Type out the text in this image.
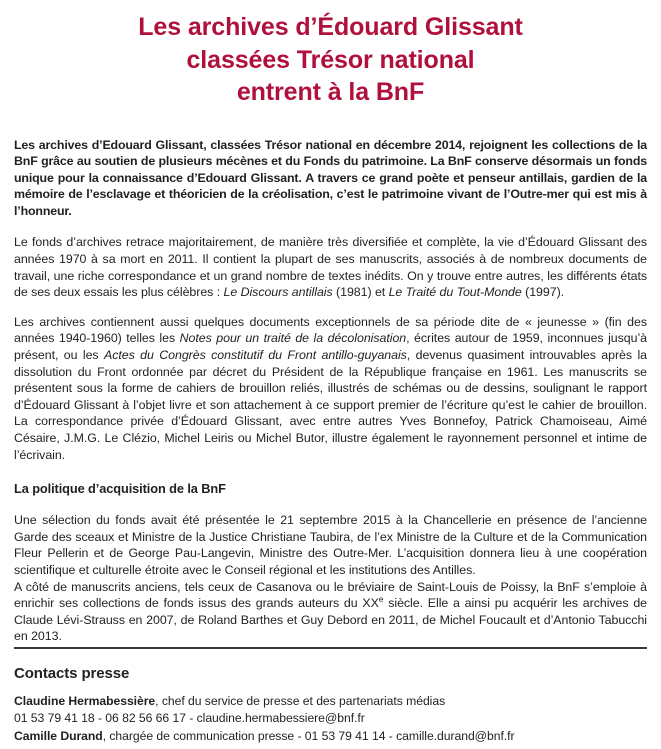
Les archives d’Édouard Glissant
classées Trésor national
entrent à la BnF

Les archives d’Edouard Glissant, classées Trésor national en décembre 2014, rejoignent les collections de la BnF grâce au soutien de plusieurs mécènes et du Fonds du patrimoine. La BnF conserve désormais un fonds unique pour la connaissance d’Edouard Glissant. A travers ce grand poète et penseur antillais, gardien de la mémoire de l’esclavage et théoricien de la créolisation, c’est le patrimoine vivant de l’Outre-mer qui est mis à l’honneur.

Le fonds d’archives retrace majoritairement, de manière très diversifiée et complète, la vie d’Édouard Glissant des années 1970 à sa mort en 2011. Il contient la plupart de ses manuscrits, associés à de nombreux documents de travail, une riche correspondance et un grand nombre de textes inédits. On y trouve entre autres, les différents états de ses deux essais les plus célèbres : Le Discours antillais (1981) et Le Traité du Tout-Monde (1997).

Les archives contiennent aussi quelques documents exceptionnels de sa période dite de « jeunesse » (fin des années 1940-1960) telles les Notes pour un traité de la décolonisation, écrites autour de 1959, inconnues jusqu’à présent, ou les Actes du Congrès constitutif du Front antillo-guyanais, devenus quasiment introuvables après la dissolution du Front ordonnée par décret du Président de la République française en 1961. Les manuscrits se présentent sous la forme de cahiers de brouillon reliés, illustrés de schémas ou de dessins, soulignant le rapport d’Édouard Glissant à l’objet livre et son attachement à ce support premier de l’écriture qu’est le cahier de brouillon. La correspondance privée d’Édouard Glissant, avec entre autres Yves Bonnefoy, Patrick Chamoiseau, Aimé Césaire, J.M.G. Le Clézio, Michel Leiris ou Michel Butor, illustre également le rayonnement personnel et intime de l’écrivain.

La politique d’acquisition de la BnF

Une sélection du fonds avait été présentée le 21 septembre 2015 à la Chancellerie en présence de l’ancienne Garde des sceaux et Ministre de la Justice Christiane Taubira, de l’ex Ministre de la Culture et de la Communication Fleur Pellerin et de George Pau-Langevin, Ministre des Outre-Mer. L’acquisition donnera lieu à une coopération scientifique et culturelle étroite avec le Conseil régional et les institutions des Antilles.

A côté de manuscrits anciens, tels ceux de Casanova ou le bréviaire de Saint-Louis de Poissy, la BnF s’emploie à enrichir ses collections de fonds issus des grands auteurs du XXe siècle. Elle a ainsi pu acquérir les archives de Claude Lévi-Strauss en 2007, de Roland Barthes et Guy Debord en 2011, de Michel Foucault et d’Antonio Tabucchi en 2013.

Contacts presse
Claudine Hermabessière, chef du service de presse et des partenariats médias
01 53 79 41 18 - 06 82 56 66 17 - claudine.hermabessiere@bnf.fr
Camille Durand, chargée de communication presse - 01 53 79 41 14 - camille.durand@bnf.fr
